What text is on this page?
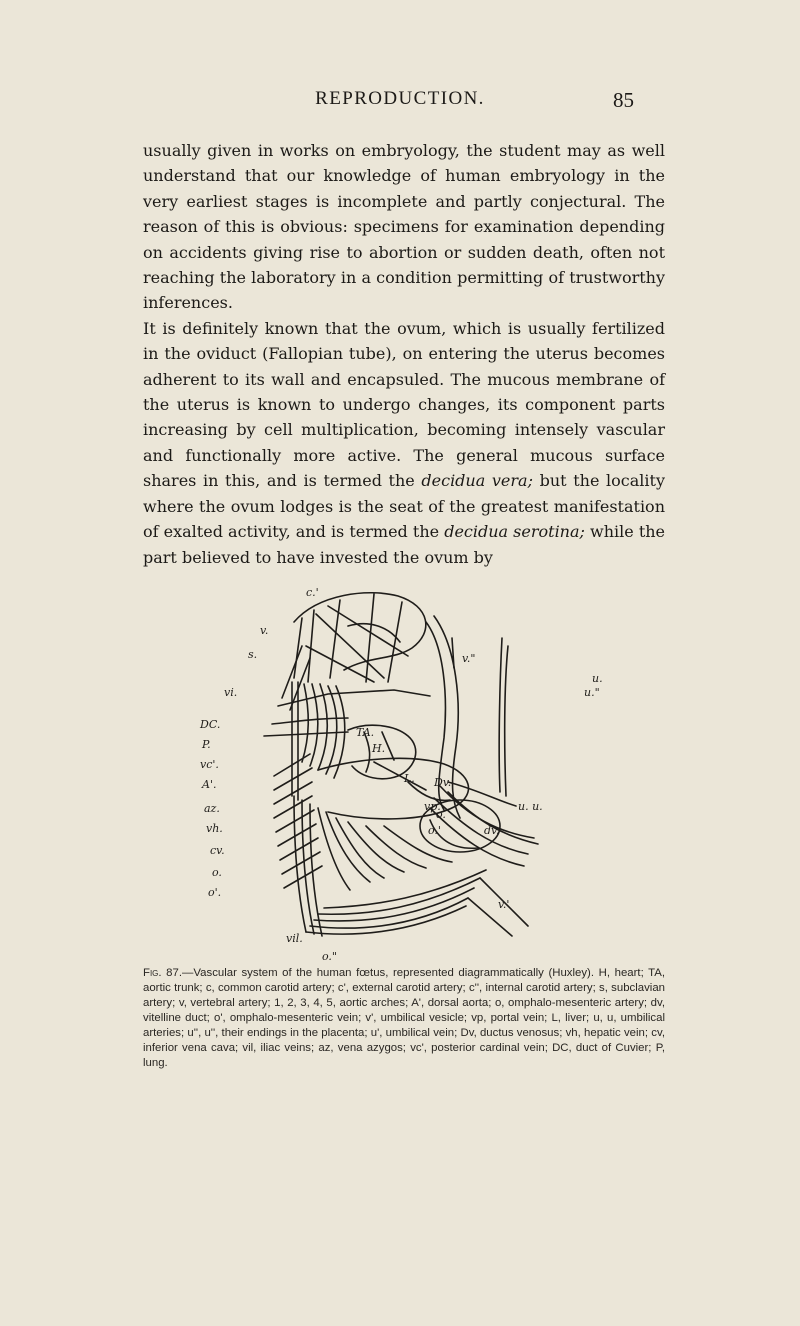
REPRODUCTION.	85

usually given in works on embryology, the student may as well understand that our knowledge of human embryology in the very earliest stages is incomplete and partly conjectural. The reason of this is obvious: specimens for examination depending on accidents giving rise to abortion or sudden death, often not reaching the laboratory in a condition permitting of trustworthy inferences.

It is definitely known that the ovum, which is usually fertilized in the oviduct (Fallopian tube), on entering the uterus becomes adherent to its wall and encapsuled. The mucous membrane of the uterus is known to undergo changes, its component parts increasing by cell multiplication, becoming intensely vascular and functionally more active. The general mucous surface shares in this, and is termed the decidua vera; but the locality where the ovum lodges is the seat of the greatest manifestation of exalted activity, and is termed the decidua serotina; while the part believed to have invested the ovum by

c.'
v.
s.
vi.
DC.
P.
vc'.
A'.
az.
vh.
cv.
o.
o'.
vil.
o."
TA.
H.
L. Dv.
vp.
v."
u."
u.
o.
o.'	dv.
u. u.
v.'
Fig. 87.—Vascular system of the human fœtus, represented diagrammatically (Huxley). H, heart; TA, aortic trunk; c, common carotid artery; c', external carotid artery; c'', internal carotid artery; s, subclavian artery; v, vertebral artery; 1, 2, 3, 4, 5, aortic arches; A', dorsal aorta; o, omphalo-mesenteric artery; dv, vitelline duct; o', omphalo-mesenteric vein; v', umbilical vesicle; vp, portal vein; L, liver; u, u, umbilical arteries; u'', u'', their endings in the placenta; u', umbilical vein; Dv, ductus venosus; vh, hepatic vein; cv, inferior vena cava; vil, iliac veins; az, vena azygos; vc', posterior cardinal vein; DC, duct of Cuvier; P, lung.
